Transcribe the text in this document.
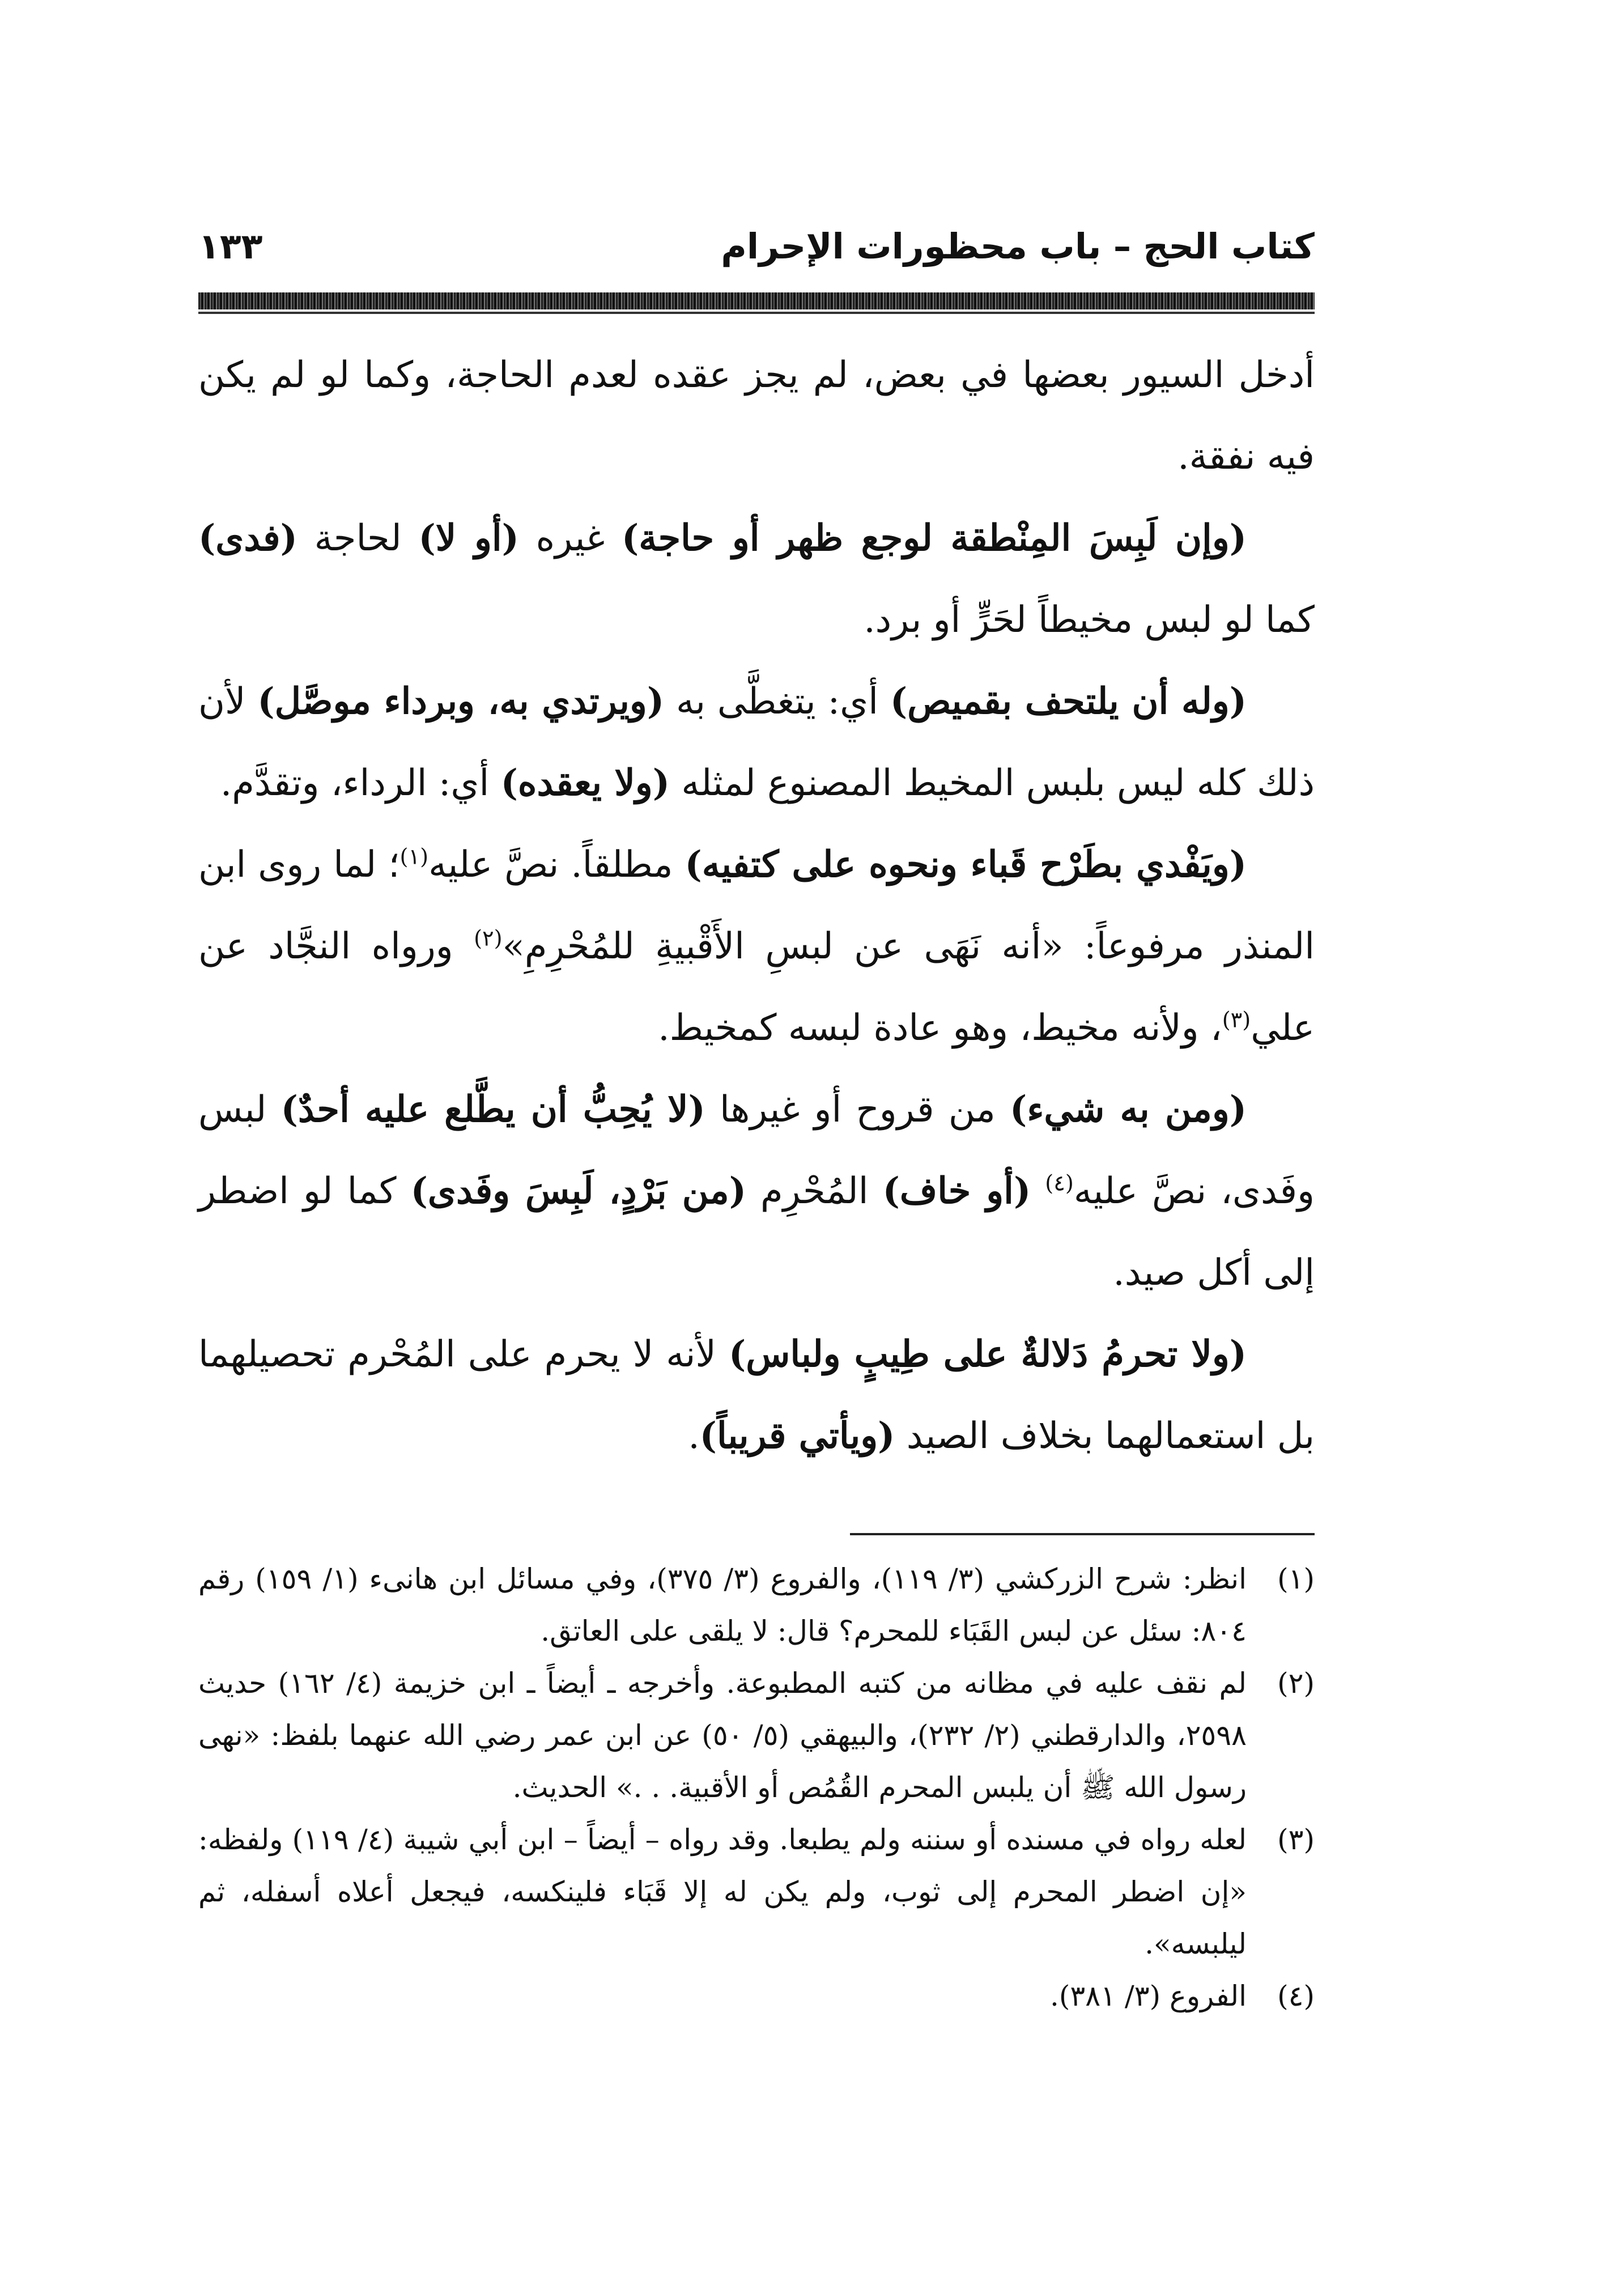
كتاب الحج – باب محظورات الإحرام
١٣٣

أدخل السيور بعضها في بعض، لم يجز عقده لعدم الحاجة، وكما لو لم يكن فيه نفقة.

(وإن لَبِسَ المِنْطقة لوجع ظهر أو حاجة) غيره (أو لا) لحاجة (فدى) كما لو لبس مخيطاً لحَرٍّ أو برد.

(وله أن يلتحف بقميص) أي: يتغطَّى به (ويرتدي به، وبرداء موصَّل) لأن ذلك كله ليس بلبس المخيط المصنوع لمثله (ولا يعقده) أي: الرداء، وتقدَّم.

(ويَفْدي بطَرْح قَباء ونحوه على كتفيه) مطلقاً. نصَّ عليه$^{(١)}$؛ لما روى ابن المنذر مرفوعاً: «أنه نَهَى عن لبسِ الأَقْبيةِ للمُحْرِمِ»$^{(٢)}$ ورواه النجَّاد عن علي$^{(٣)}$، ولأنه مخيط، وهو عادة لبسه كمخيط.

(ومن به شيء) من قروح أو غيرها (لا يُحِبُّ أن يطَّلع عليه أحدٌ) لبس وفَدى، نصَّ عليه$^{(٤)}$ (أو خاف) المُحْرِم (من بَرْدٍ، لَبِسَ وفَدى) كما لو اضطر إلى أكل صيد.

(ولا تحرمُ دَلالةٌ على طِيبٍ ولباس) لأنه لا يحرم على المُحْرم تحصيلهما بل استعمالهما بخلاف الصيد (ويأتي قريباً).

(١)
انظر: شرح الزركشي (٣/ ١١٩)، والفروع (٣/ ٣٧٥)، وفي مسائل ابن هانىء (١/ ١٥٩) رقم ٨٠٤: سئل عن لبس القَبَاء للمحرم؟ قال: لا يلقى على العاتق.

(٢)
لم نقف عليه في مظانه من كتبه المطبوعة. وأخرجه ـ أيضاً ـ ابن خزيمة (٤/ ١٦٢) حديث ٢٥٩٨، والدارقطني (٢/ ٢٣٢)، والبيهقي (٥/ ٥٠) عن ابن عمر رضي الله عنهما بلفظ: «نهى رسول الله ﷺ أن يلبس المحرم القُمُص أو الأقبية. . .» الحديث.

(٣)
لعله رواه في مسنده أو سننه ولم يطبعا. وقد رواه – أيضاً – ابن أبي شيبة (٤/ ١١٩) ولفظه: «إن اضطر المحرم إلى ثوب، ولم يكن له إلا قَبَاء فلينكسه، فيجعل أعلاه أسفله، ثم ليلبسه».

(٤)
الفروع (٣/ ٣٨١).
